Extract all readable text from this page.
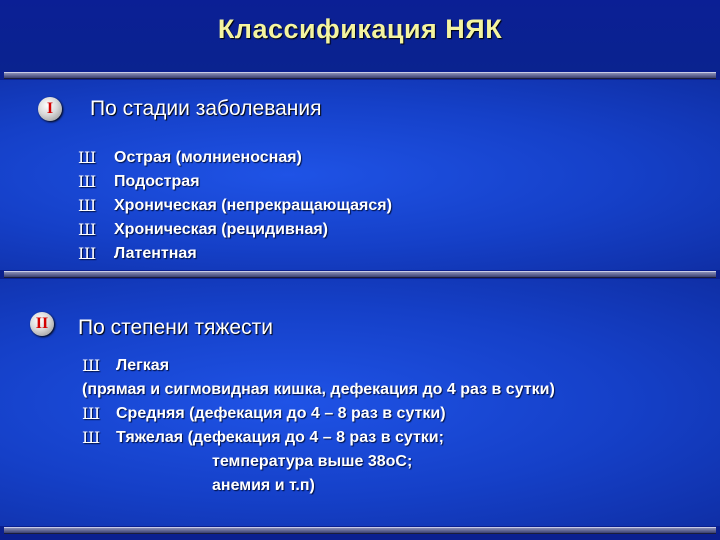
Классификация НЯК
I	По стадии заболевания
Ш	Острая (молниеносная)
Ш	Подострая
Ш	Хроническая (непрекращающаяся)
Ш	Хроническая (рецидивная)
Ш	Латентная
II По степени тяжести
Ш Легкая
(прямая и сигмовидная кишка, дефекация до 4 раз в сутки)
Ш Средняя (дефекация до 4 – 8 раз в сутки)
Ш Тяжелая (дефекация до 4 – 8 раз в сутки;
температура выше 38оС;
анемия и т.п)
